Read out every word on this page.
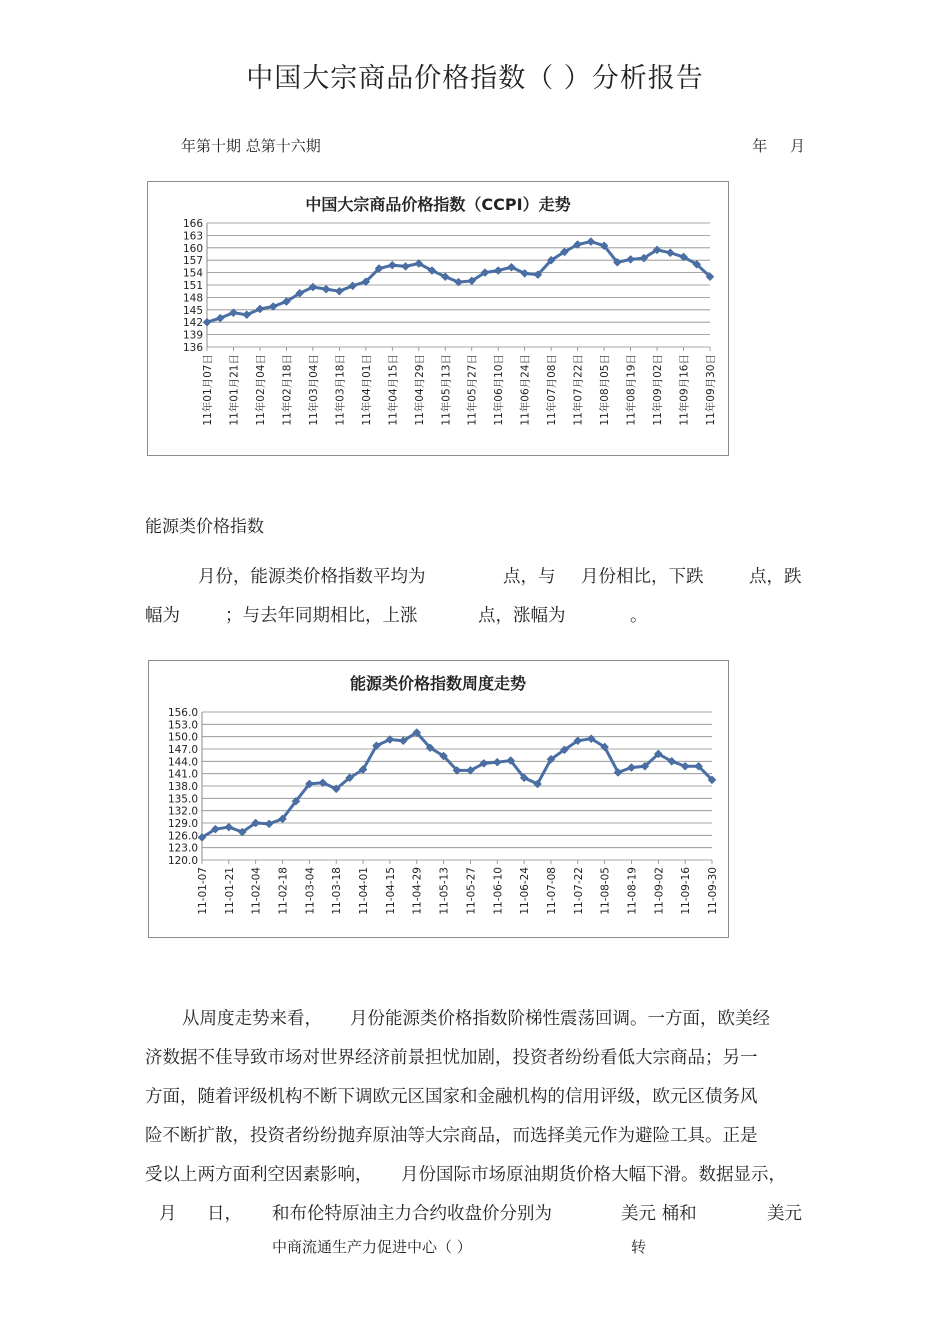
中国大宗商品价格指数（ ）分析报告
年第十期 总第十六期	年 月
中国大宗商品价格指数（CCPI）走势
136
139
142
145
148
151
154
157
160
163
166
11年01月07日 11年01月21日 11年02月04日 11年02月18日 11年03月04日 11年03月18日 11年04月01日 11年04月15日 11年04月29日 11年05月13日 11年05月27日 11年06月10日 11年06月24日 11年07月08日 11年07月22日 11年08月05日 11年08月19日 11年09月02日 11年09月16日 11年09月30日
能源类价格指数
月份，能源类价格指数平均为	点，与 月份相比，下跌	点，跌
幅为	；与去年同期相比，上涨	点，涨幅为	。
能源类价格指数周度走势
120.0
123.0
126.0
129.0
132.0
135.0
138.0
141.0
144.0
147.0
150.0
153.0
156.0
11-01-07 11-01-21 11-02-04 11-02-18 11-03-04 11-03-18 11-04-01 11-04-15 11-04-29 11-05-13 11-05-27 11-06-10 11-06-24 11-07-08 11-07-22 11-08-05 11-08-19 11-09-02 11-09-16 11-09-30
从周度走势来看， 月份能源类价格指数阶梯性震荡回调。一方面，欧美经
济数据不佳导致市场对世界经济前景担忧加剧，投资者纷纷看低大宗商品；另一
方面，随着评级机构不断下调欧元区国家和金融机构的信用评级，欧元区债务风
险不断扩散，投资者纷纷抛弃原油等大宗商品，而选择美元作为避险工具。正是
受以上两方面利空因素影响， 月份国际市场原油期货价格大幅下滑。数据显示，
月 日， 和布伦特原油主力合约收盘价分别为	美元 桶和	美元
中商流通生产力促进中心（ ）	转
